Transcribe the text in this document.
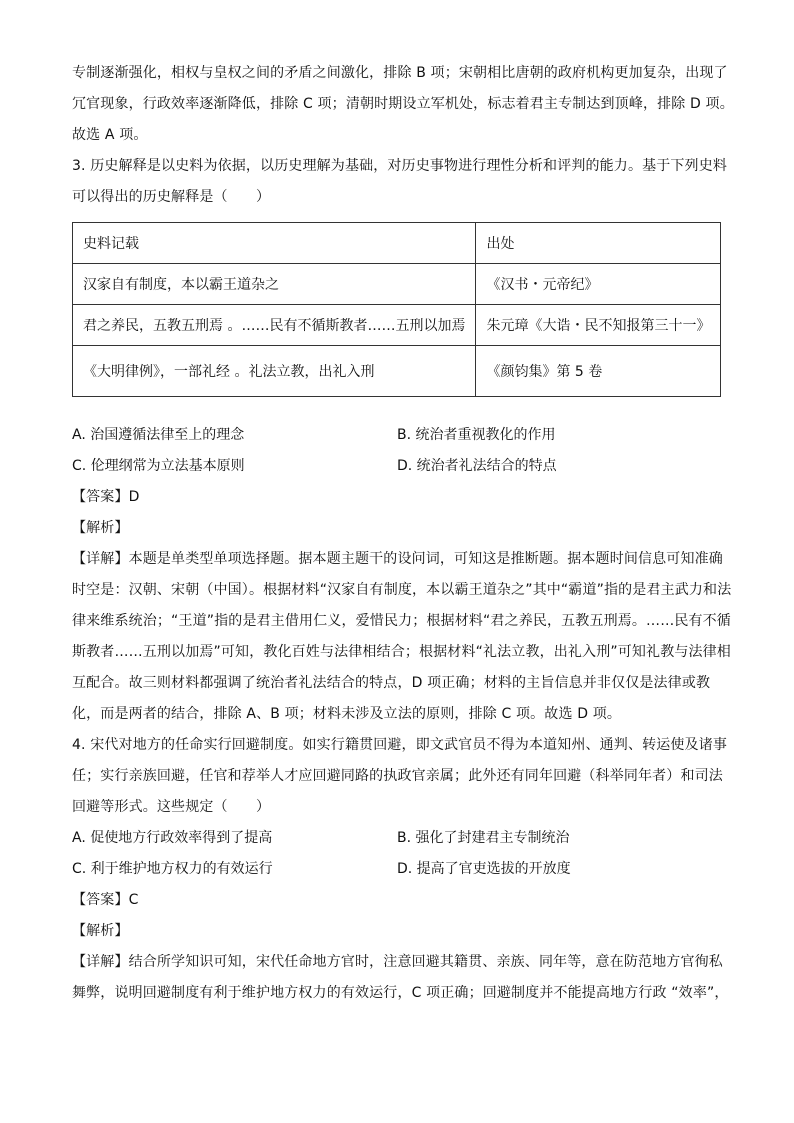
专制逐渐强化，相权与皇权之间的矛盾之间激化，排除 B 项；宋朝相比唐朝的政府机构更加复杂，出现了

冗官现象，行政效率逐渐降低，排除 C 项；清朝时期设立军机处，标志着君主专制达到顶峰，排除 D 项。

故选 A 项。

3. 历史解释是以史料为依据，以历史理解为基础，对历史事物进行理性分析和评判的能力。基于下列史料

可以得出的历史解释是（　　）

史料记载	出处
汉家自有制度，本以霸王道杂之	《汉书・元帝纪》
君之养民，五教五刑焉 。……民有不循斯教者……五刑以加焉	朱元璋《大诰・民不知报第三十一》
《大明律例》，一部礼经 。礼法立教，出礼入刑	《颜钧集》第 5 卷
A. 治国遵循法律至上的理念	B. 统治者重视教化的作用
C. 伦理纲常为立法基本原则	D. 统治者礼法结合的特点

【答案】D

【解析】

【详解】本题是单类型单项选择题。据本题主题干的设问词，可知这是推断题。据本题时间信息可知准确

时空是：汉朝、宋朝（中国）。根据材料“汉家自有制度，本以霸王道杂之”其中“霸道”指的是君主武力和法

律来维系统治；“王道”指的是君主借用仁义，爱惜民力；根据材料“君之养民，五教五刑焉。……民有不循

斯教者……五刑以加焉”可知，教化百姓与法律相结合；根据材料“礼法立教，出礼入刑”可知礼教与法律相

互配合。故三则材料都强调了统治者礼法结合的特点，D 项正确；材料的主旨信息并非仅仅是法律或教

化，而是两者的结合，排除 A、B 项；材料未涉及立法的原则，排除 C 项。故选 D 项。

4. 宋代对地方的任命实行回避制度。如实行籍贯回避，即文武官员不得为本道知州、通判、转运使及诸事

任；实行亲族回避，任官和荐举人才应回避同路的执政官亲属；此外还有同年回避（科举同年者）和司法

回避等形式。这些规定（　　）

A. 促使地方行政效率得到了提高	B. 强化了封建君主专制统治
C. 利于维护地方权力的有效运行	D. 提高了官吏选拔的开放度

【答案】C

【解析】

【详解】结合所学知识可知，宋代任命地方官时，注意回避其籍贯、亲族、同年等，意在防范地方官徇私

舞弊，说明回避制度有利于维护地方权力的有效运行，C 项正确；回避制度并不能提高地方行政 “效率”，
